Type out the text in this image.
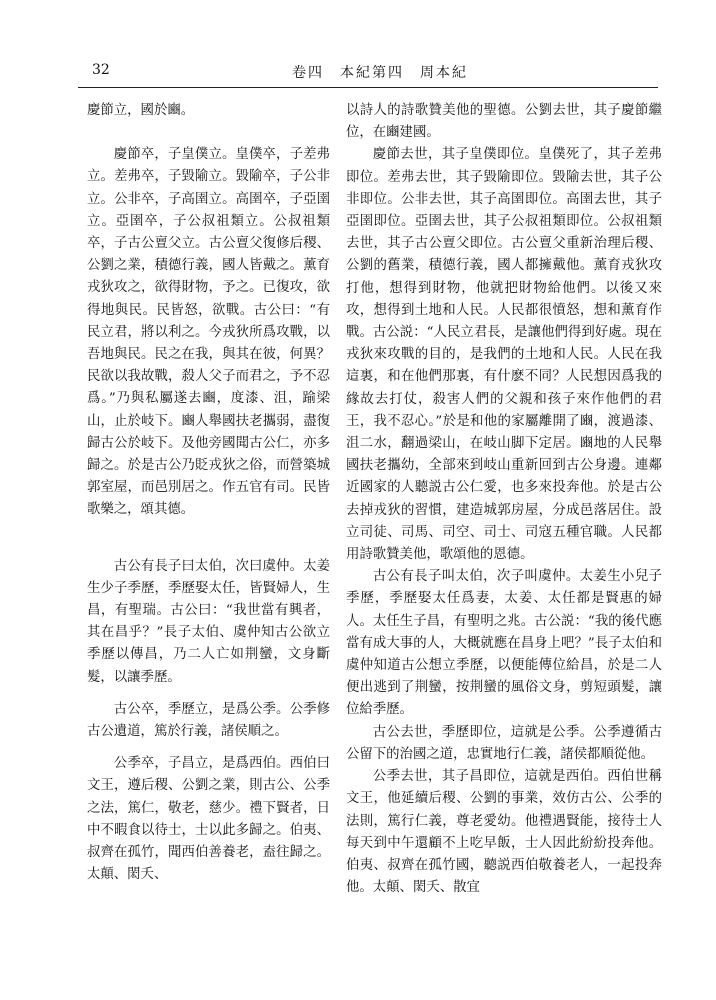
32	卷四　本紀第四　周本紀

慶節立，國於豳。

慶節卒，子皇僕立。皇僕卒，子差弗立。差弗卒，子毀隃立。毀隃卒，子公非立。公非卒，子高圉立。高圉卒，子亞圉立。亞圉卒，子公叔祖類立。公叔祖類卒，子古公亶父立。古公亶父復修后稷、公劉之業，積德行義，國人皆戴之。薰育戎狄攻之，欲得財物，予之。已復攻，欲得地與民。民皆怒，欲戰。古公曰：“有民立君，將以利之。今戎狄所爲攻戰，以吾地與民。民之在我，與其在彼，何異？民欲以我故戰，殺人父子而君之，予不忍爲。”乃與私屬遂去豳，度漆、沮，踰梁山，止於岐下。豳人舉國扶老攜弱，盡復歸古公於岐下。及他旁國聞古公仁，亦多歸之。於是古公乃貶戎狄之俗，而營築城郭室屋，而邑別居之。作五官有司。民皆歌樂之，頌其德。

古公有長子曰太伯，次曰虞仲。太姜生少子季歷，季歷娶太任，皆賢婦人，生昌，有聖瑞。古公曰：“我世當有興者，其在昌乎？”長子太伯、虞仲知古公欲立季歷以傳昌，乃二人亡如荆蠻，文身斷髮，以讓季歷。

古公卒，季歷立，是爲公季。公季修古公遺道，篤於行義，諸侯順之。

公季卒，子昌立，是爲西伯。西伯曰文王，遵后稷、公劉之業，則古公、公季之法，篤仁，敬老，慈少。禮下賢者，日中不暇食以待士，士以此多歸之。伯夷、叔齊在孤竹，聞西伯善養老，盍往歸之。太顛、閎夭、

以詩人的詩歌贊美他的聖德。公劉去世，其子慶節繼位，在豳建國。

慶節去世，其子皇僕即位。皇僕死了，其子差弗即位。差弗去世，其子毀隃即位。毀隃去世，其子公非即位。公非去世，其子高圉即位。高圉去世，其子亞圉即位。亞圉去世，其子公叔祖類即位。公叔祖類去世，其子古公亶父即位。古公亶父重新治理后稷、公劉的舊業，積德行義，國人都擁戴他。薰育戎狄攻打他，想得到財物，他就把財物給他們。以後又來攻，想得到土地和人民。人民都很憤怒，想和薰育作戰。古公説：“人民立君長，是讓他們得到好處。現在戎狄來攻戰的目的，是我們的土地和人民。人民在我這裏，和在他們那裏，有什麽不同？人民想因爲我的緣故去打仗，殺害人們的父親和孩子來作他們的君王，我不忍心。”於是和他的家屬離開了豳，渡過漆、沮二水，翻過梁山，在岐山脚下定居。豳地的人民舉國扶老攜幼，全部來到岐山重新回到古公身邊。連鄰近國家的人聽説古公仁愛，也多來投奔他。於是古公去掉戎狄的習慣，建造城郭房屋，分成邑落居住。設立司徒、司馬、司空、司士、司寇五種官職。人民都用詩歌贊美他，歌頌他的恩德。

古公有長子叫太伯，次子叫虞仲。太姜生小兒子季歷，季歷娶太任爲妻，太姜、太任都是賢惠的婦人。太任生子昌，有聖明之兆。古公説：“我的後代應當有成大事的人，大概就應在昌身上吧？”長子太伯和虞仲知道古公想立季歷，以便能傳位給昌，於是二人便出逃到了荆蠻，按荆蠻的風俗文身，剪短頭髮，讓位給季歷。

古公去世，季歷即位，這就是公季。公季遵循古公留下的治國之道，忠實地行仁義，諸侯都順從他。

公季去世，其子昌即位，這就是西伯。西伯世稱文王，他延續后稷、公劉的事業，效仿古公、公季的法則，篤行仁義，尊老愛幼。他禮遇賢能，接待士人每天到中午還顧不上吃早飯，士人因此紛紛投奔他。伯夷、叔齊在孤竹國，聽説西伯敬養老人，一起投奔他。太顛、閎夭、散宜
